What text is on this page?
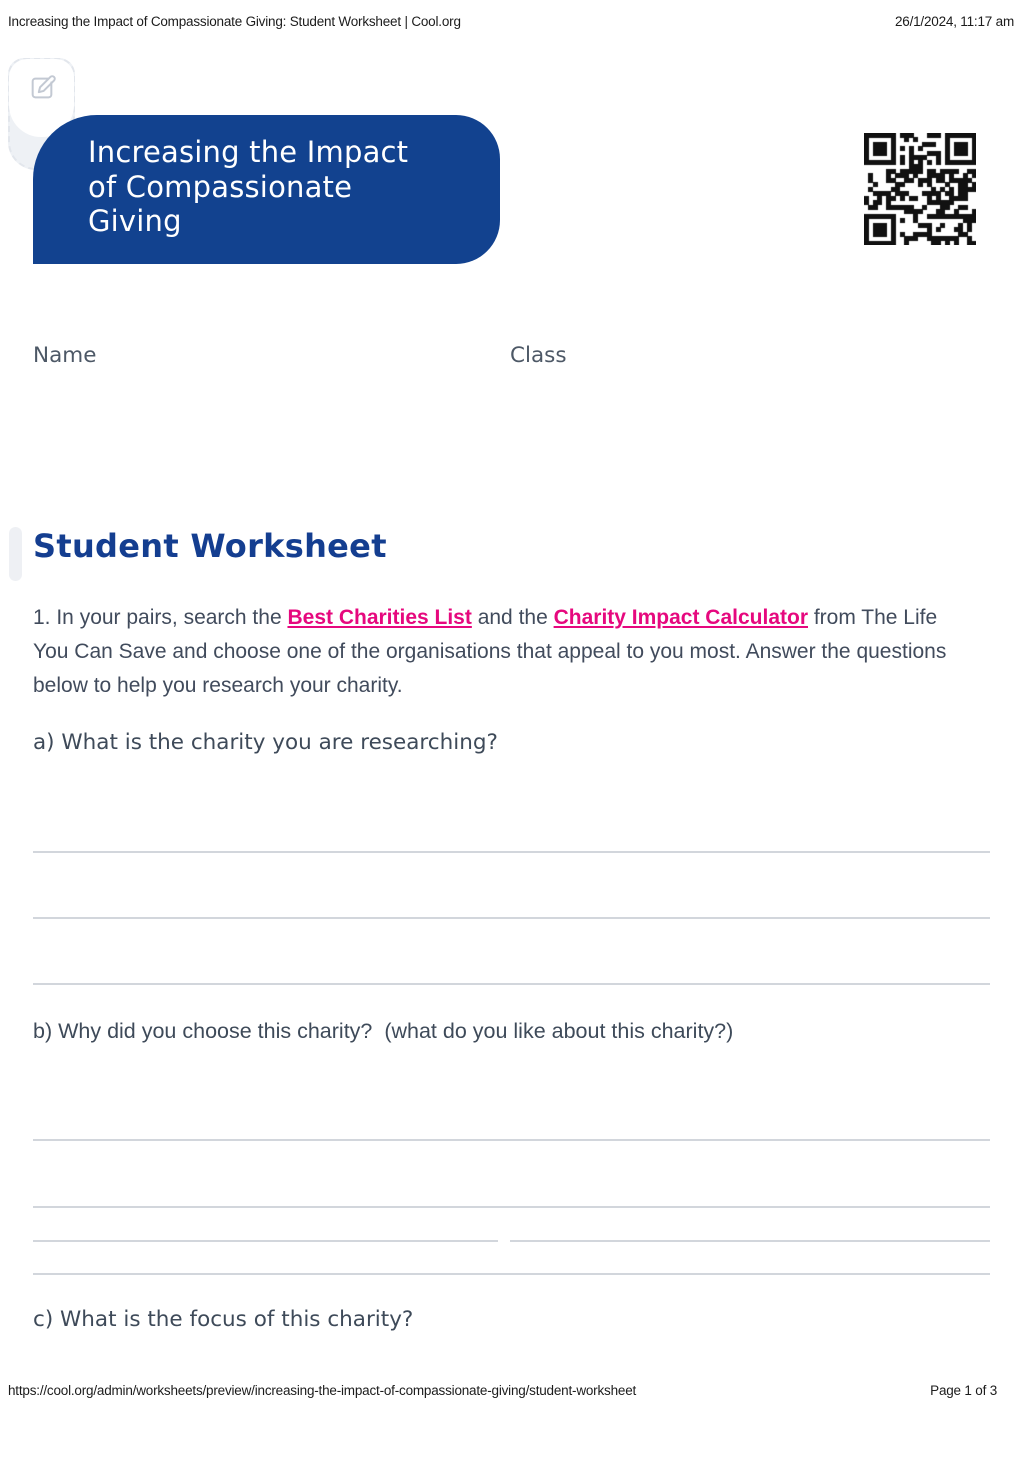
Increasing the Impact of Compassionate Giving: Student Worksheet | Cool.org	26/1/2024, 11:17 am
Increasing the Impact
of Compassionate
Giving
Name	Class
Student Worksheet

1. In your pairs, search the Best Charities List and the Charity Impact Calculator from The Life You Can Save and choose one of the organisations that appeal to you most. Answer the questions below to help you research your charity.

a) What is the charity you are researching?
b) Why did you choose this charity?  (what do you like about this charity?)
c) What is the focus of this charity?
https://cool.org/admin/worksheets/preview/increasing-the-impact-of-compassionate-giving/student-worksheet	Page 1 of 3
